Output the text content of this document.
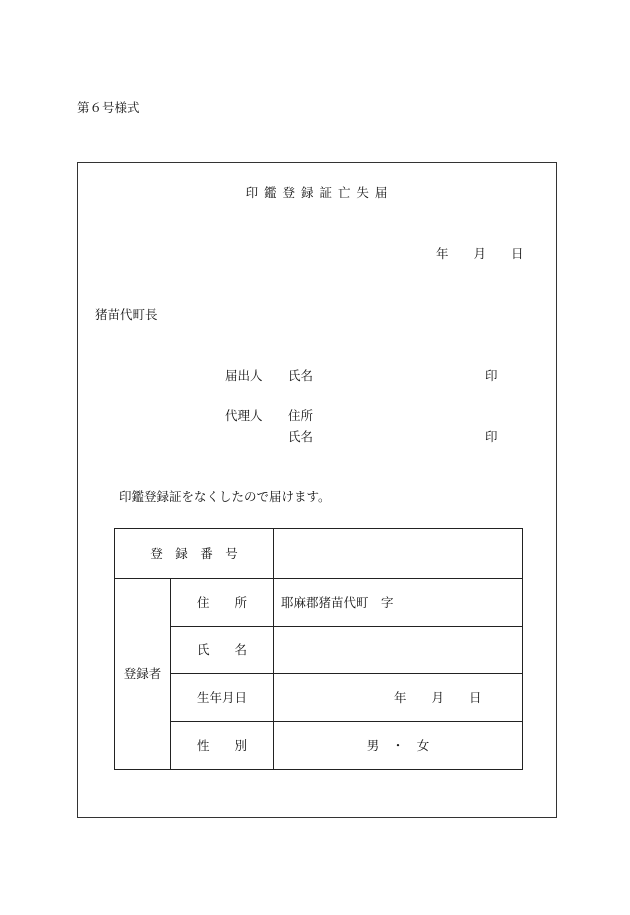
第６号様式
印 鑑 登 録 証 亡 失 届
年　　月　　日
猪苗代町長
届出人 氏名	印
代理人 住所
氏名	印
印鑑登録証をなくしたので届けます。
登　録　番　号		
登録者	住　　所	耶麻郡猪苗代町　字
	氏　　名	
	生年月日	年　　月　　日
	性　　別	男　・　女
